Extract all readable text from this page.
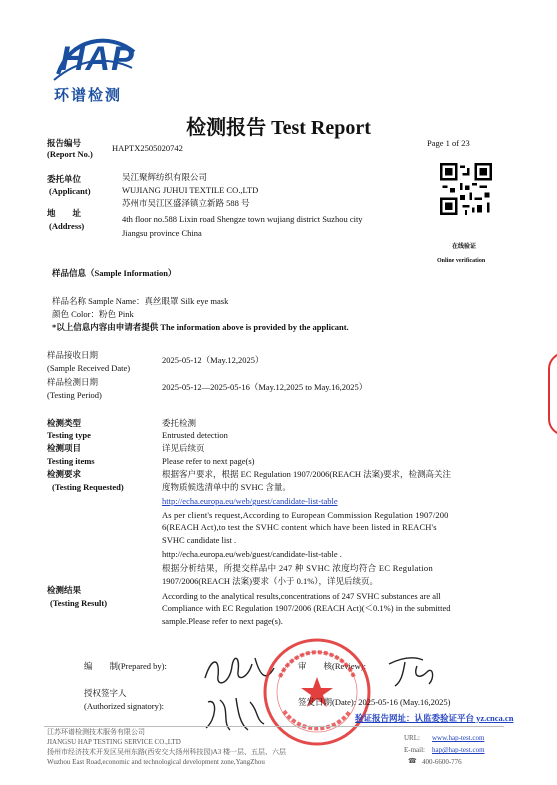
HAP
环谱检测
检测报告 Test Report
报告编号
(Report No.)
HAPTX2505020742	Page 1 of 23
委托单位
(Applicant)
吴江聚辉纺织有限公司
WUJIANG JUHUI TEXTILE CO.,LTD
地　　址
(Address)
苏州市吴江区盛泽镇立新路 588 号
4th floor no.588 Lixin road Shengze town wujiang district Suzhou city
Jiangsu province China
在线验证
Online verification
样品信息（Sample Information）
样品名称 Sample Name：真丝眼罩 Silk eye mask
颜色 Color：粉色 Pink
*以上信息内容由申请者提供 The information above is provided by the applicant.
样品接收日期
(Sample Received Date)
2025-05-12（May.12,2025）
样品检测日期
(Testing Period)
2025-05-12—2025-05-16（May.12,2025 to May.16,2025）
检测类型
Testing type
委托检测
Entrusted detection
检测项目
Testing items
详见后续页
Please refer to next page(s)
检测要求
(Testing Requested)
根据客户要求，根据 EC Regulation 1907/2006(REACH 法案)要求，检测高关注
度物质候选清单中的 SVHC 含量。
http://echa.europa.eu/web/guest/candidate-list-table
As per client's request,According to European Commission Regulation 1907/200
6(REACH Act),to test the SVHC content which have been listed in REACH's
SVHC candidate list .
http://echa.europa.eu/web/guest/candidate-list-table .
根据分析结果，所提交样品中 247 种 SVHC 浓度均符合 EC Regulation
1907/2006(REACH 法案)要求（小于 0.1%），详见后续页。
检测结果
(Testing Result)
According to the analytical results,concentrations of 247 SVHC substances are all
Compliance with EC Regulation 1907/2006 (REACH Act)(＜0.1%) in the submitted
sample.Please refer to next page(s).
编　　制(Prepared by):	审　　核(Review):
授权签字人
(Authorized signatory):	签发日期(Date): 2025-05-16 (May.16,2025)
验证报告网址：认监委验证平台 yz.cnca.cn
江苏环谱检测技术服务有限公司
JIANGSU HAP TESTING SERVICE CO.,LTD
扬州市经济技术开发区吴州东路(西安交大扬州科技园)A3 楼一层、五层、六层
Wuzhou East Road,economic and technological development zone,YangZhou
URL: www.hap-test.com
E-mail: hap@hap-test.com
☎ 400-6600-776
